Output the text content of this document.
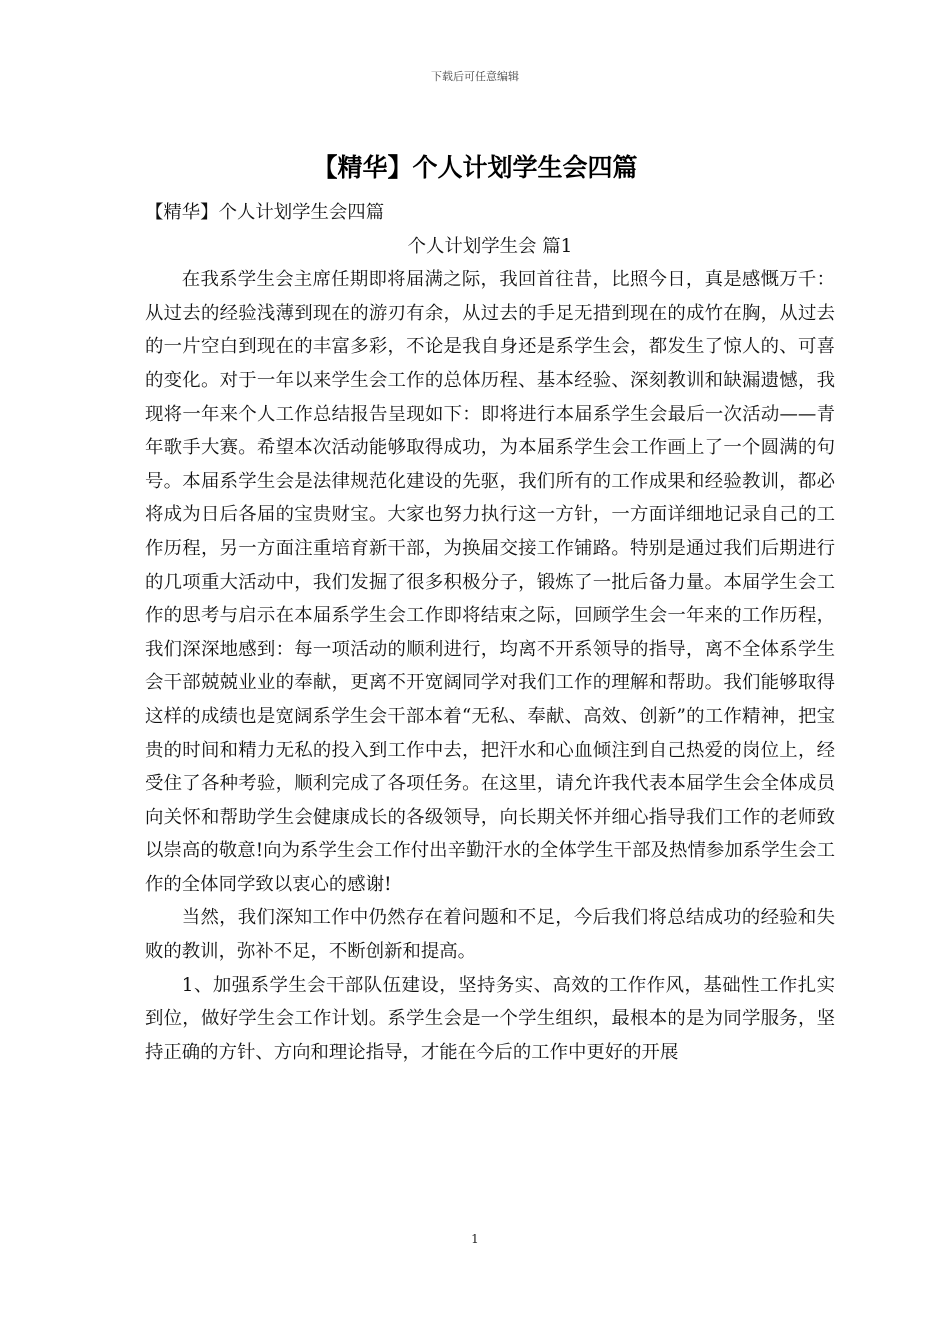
下载后可任意编辑
【精华】个人计划学生会四篇

【精华】个人计划学生会四篇

个人计划学生会 篇1

在我系学生会主席任期即将届满之际，我回首往昔，比照今日，真是感慨万千：从过去的经验浅薄到现在的游刃有余，从过去的手足无措到现在的成竹在胸，从过去的一片空白到现在的丰富多彩，不论是我自身还是系学生会，都发生了惊人的、可喜的变化。对于一年以来学生会工作的总体历程、基本经验、深刻教训和缺漏遗憾，我现将一年来个人工作总结报告呈现如下：即将进行本届系学生会最后一次活动——青年歌手大赛。希望本次活动能够取得成功，为本届系学生会工作画上了一个圆满的句号。本届系学生会是法律规范化建设的先驱，我们所有的工作成果和经验教训，都必将成为日后各届的宝贵财宝。大家也努力执行这一方针，一方面详细地记录自己的工作历程，另一方面注重培育新干部，为换届交接工作铺路。特别是通过我们后期进行的几项重大活动中，我们发掘了很多积极分子，锻炼了一批后备力量。本届学生会工作的思考与启示在本届系学生会工作即将结束之际，回顾学生会一年来的工作历程，我们深深地感到：每一项活动的顺利进行，均离不开系领导的指导，离不全体系学生会干部兢兢业业的奉献，更离不开宽阔同学对我们工作的理解和帮助。我们能够取得这样的成绩也是宽阔系学生会干部本着“无私、奉献、高效、创新”的工作精神，把宝贵的时间和精力无私的投入到工作中去，把汗水和心血倾注到自己热爱的岗位上，经受住了各种考验，顺利完成了各项任务。在这里，请允许我代表本届学生会全体成员向关怀和帮助学生会健康成长的各级领导，向长期关怀并细心指导我们工作的老师致以崇高的敬意!向为系学生会工作付出辛勤汗水的全体学生干部及热情参加系学生会工作的全体同学致以衷心的感谢!

当然，我们深知工作中仍然存在着问题和不足，今后我们将总结成功的经验和失败的教训，弥补不足，不断创新和提高。

1、加强系学生会干部队伍建设，坚持务实、高效的工作作风，基础性工作扎实到位，做好学生会工作计划。系学生会是一个学生组织，最根本的是为同学服务，坚持正确的方针、方向和理论指导，才能在今后的工作中更好的开展

1
